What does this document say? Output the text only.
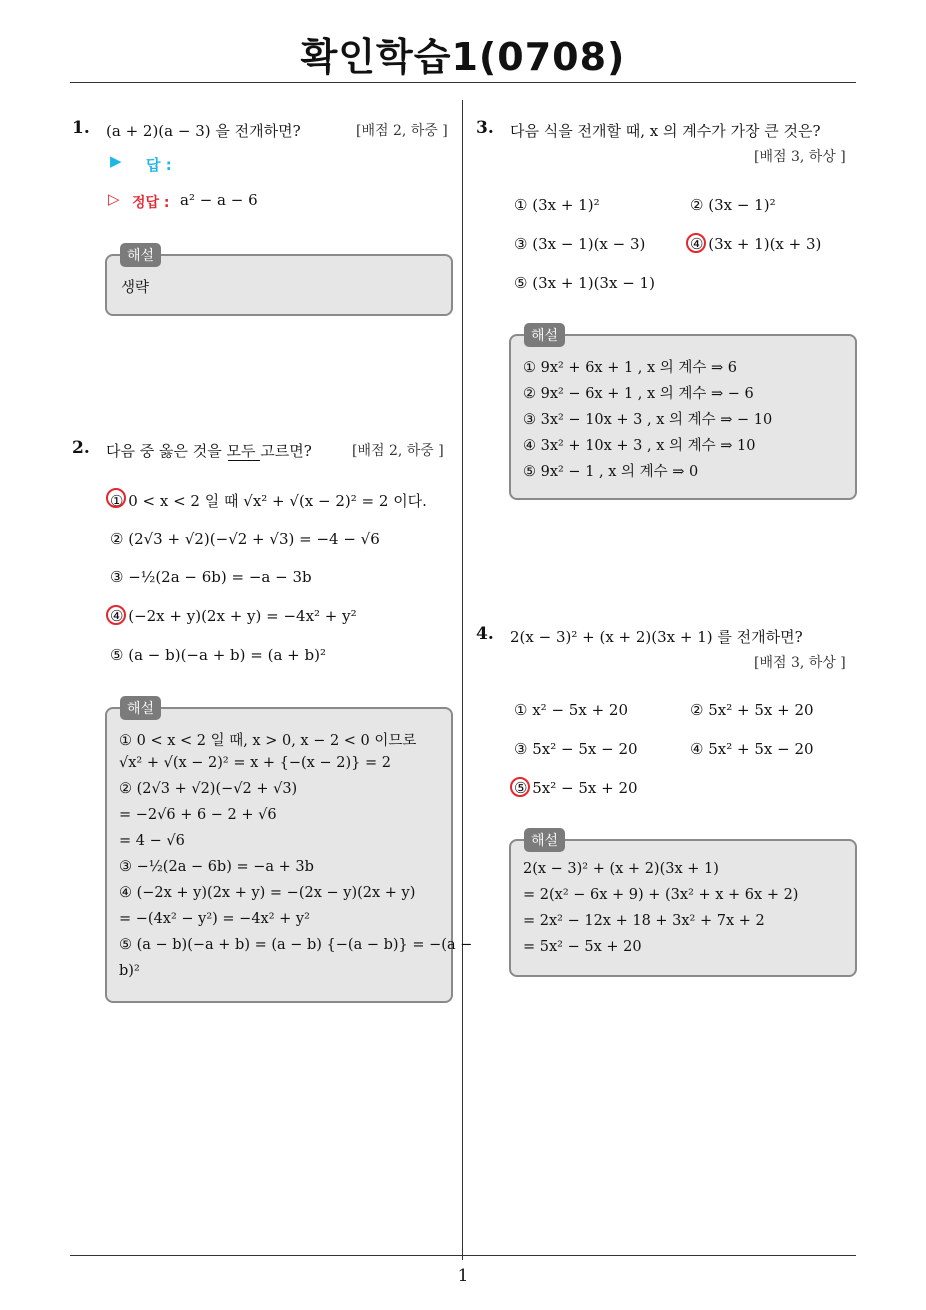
확인학습1(0708)
1
1. (a + 2)(a − 3) 을 전개하면?	[배점 2, 하중 ]
▶ 답 :
▷ 정답 : a² − a − 6
생략
해설
2. 다음 중 옳은 것을 모두 고르면?	[배점 2, 하중 ]
① 0 < x < 2 일 때 √x² + √(x − 2)² = 2 이다.
② (2√3 + √2)(−√2 + √3) = −4 − √6
③ −½(2a − 6b) = −a − 3b
④ (−2x + y)(2x + y) = −4x² + y²
⑤ (a − b)(−a + b) = (a + b)²
① 0 < x < 2 일 때, x > 0, x − 2 < 0 이므로
√x² + √(x − 2)² = x + {−(x − 2)} = 2
② (2√3 + √2)(−√2 + √3)
= −2√6 + 6 − 2 + √6
= 4 − √6
③ −½(2a − 6b) = −a + 3b
④ (−2x + y)(2x + y) = −(2x − y)(2x + y)
= −(4x² − y²) = −4x² + y²
⑤ (a − b)(−a + b) = (a − b) {−(a − b)} = −(a −
b)²
해설
3. 다음 식을 전개할 때, x 의 계수가 가장 큰 것은?
[배점 3, 하상 ]
① (3x + 1)²	② (3x − 1)²
③ (3x − 1)(x − 3)	④ (3x + 1)(x + 3)
⑤ (3x + 1)(3x − 1)
① 9x² + 6x + 1 , x 의 계수 ⇒ 6
② 9x² − 6x + 1 , x 의 계수 ⇒ − 6
③ 3x² − 10x + 3 , x 의 계수 ⇒ − 10
④ 3x² + 10x + 3 , x 의 계수 ⇒ 10
⑤ 9x² − 1 , x 의 계수 ⇒ 0
해설
4. 2(x − 3)² + (x + 2)(3x + 1) 를 전개하면?
[배점 3, 하상 ]
① x² − 5x + 20	② 5x² + 5x + 20
③ 5x² − 5x − 20	④ 5x² + 5x − 20
⑤ 5x² − 5x + 20
2(x − 3)² + (x + 2)(3x + 1)
= 2(x² − 6x + 9) + (3x² + x + 6x + 2)
= 2x² − 12x + 18 + 3x² + 7x + 2
= 5x² − 5x + 20
해설
